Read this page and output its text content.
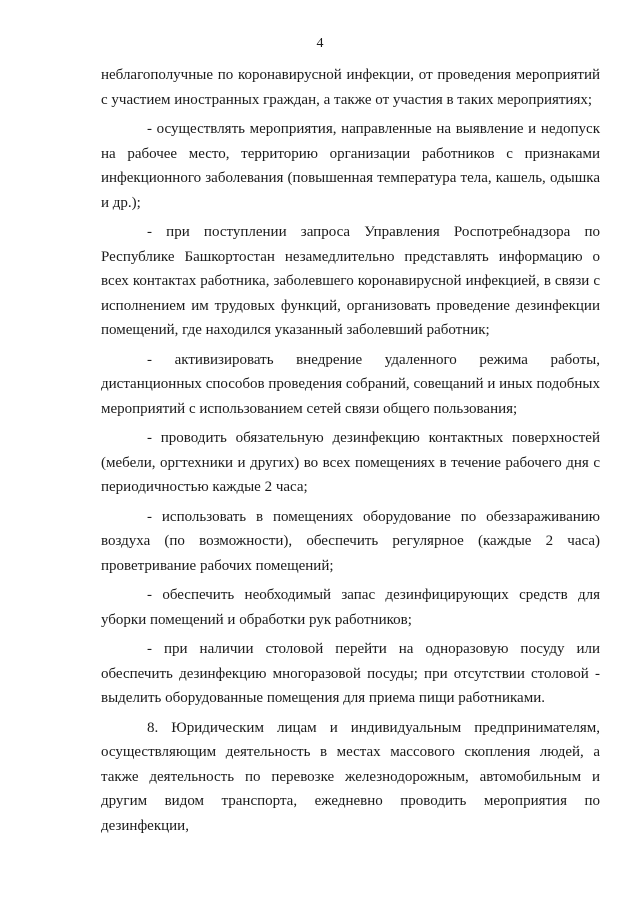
4

неблагополучные по коронавирусной инфекции, от проведения мероприятий с участием иностранных граждан, а также от участия в таких мероприятиях;

- осуществлять мероприятия, направленные на выявление и недопуск на рабочее место, территорию организации работников с признаками инфекционного заболевания (повышенная температура тела, кашель, одышка и др.);

- при поступлении запроса Управления Роспотребнадзора по Республике Башкортостан незамедлительно представлять информацию о всех контактах работника, заболевшего коронавирусной инфекцией, в связи с исполнением им трудовых функций, организовать проведение дезинфекции помещений, где находился указанный заболевший работник;

- активизировать внедрение удаленного режима работы, дистанционных способов проведения собраний, совещаний и иных подобных мероприятий с использованием сетей связи общего пользования;

- проводить обязательную дезинфекцию контактных поверхностей (мебели, оргтехники и других) во всех помещениях в течение рабочего дня с периодичностью каждые 2 часа;

- использовать в помещениях оборудование по обеззараживанию воздуха (по возможности), обеспечить регулярное (каждые 2 часа) проветривание рабочих помещений;

- обеспечить необходимый запас дезинфицирующих средств для уборки помещений и обработки рук работников;

- при наличии столовой перейти на одноразовую посуду или обеспечить дезинфекцию многоразовой посуды; при отсутствии столовой - выделить оборудованные помещения для приема пищи работниками.

8. Юридическим лицам и индивидуальным предпринимателям, осуществляющим деятельность в местах массового скопления людей, а также деятельность по перевозке железнодорожным, автомобильным и другим видом транспорта, ежедневно проводить мероприятия по дезинфекции,
